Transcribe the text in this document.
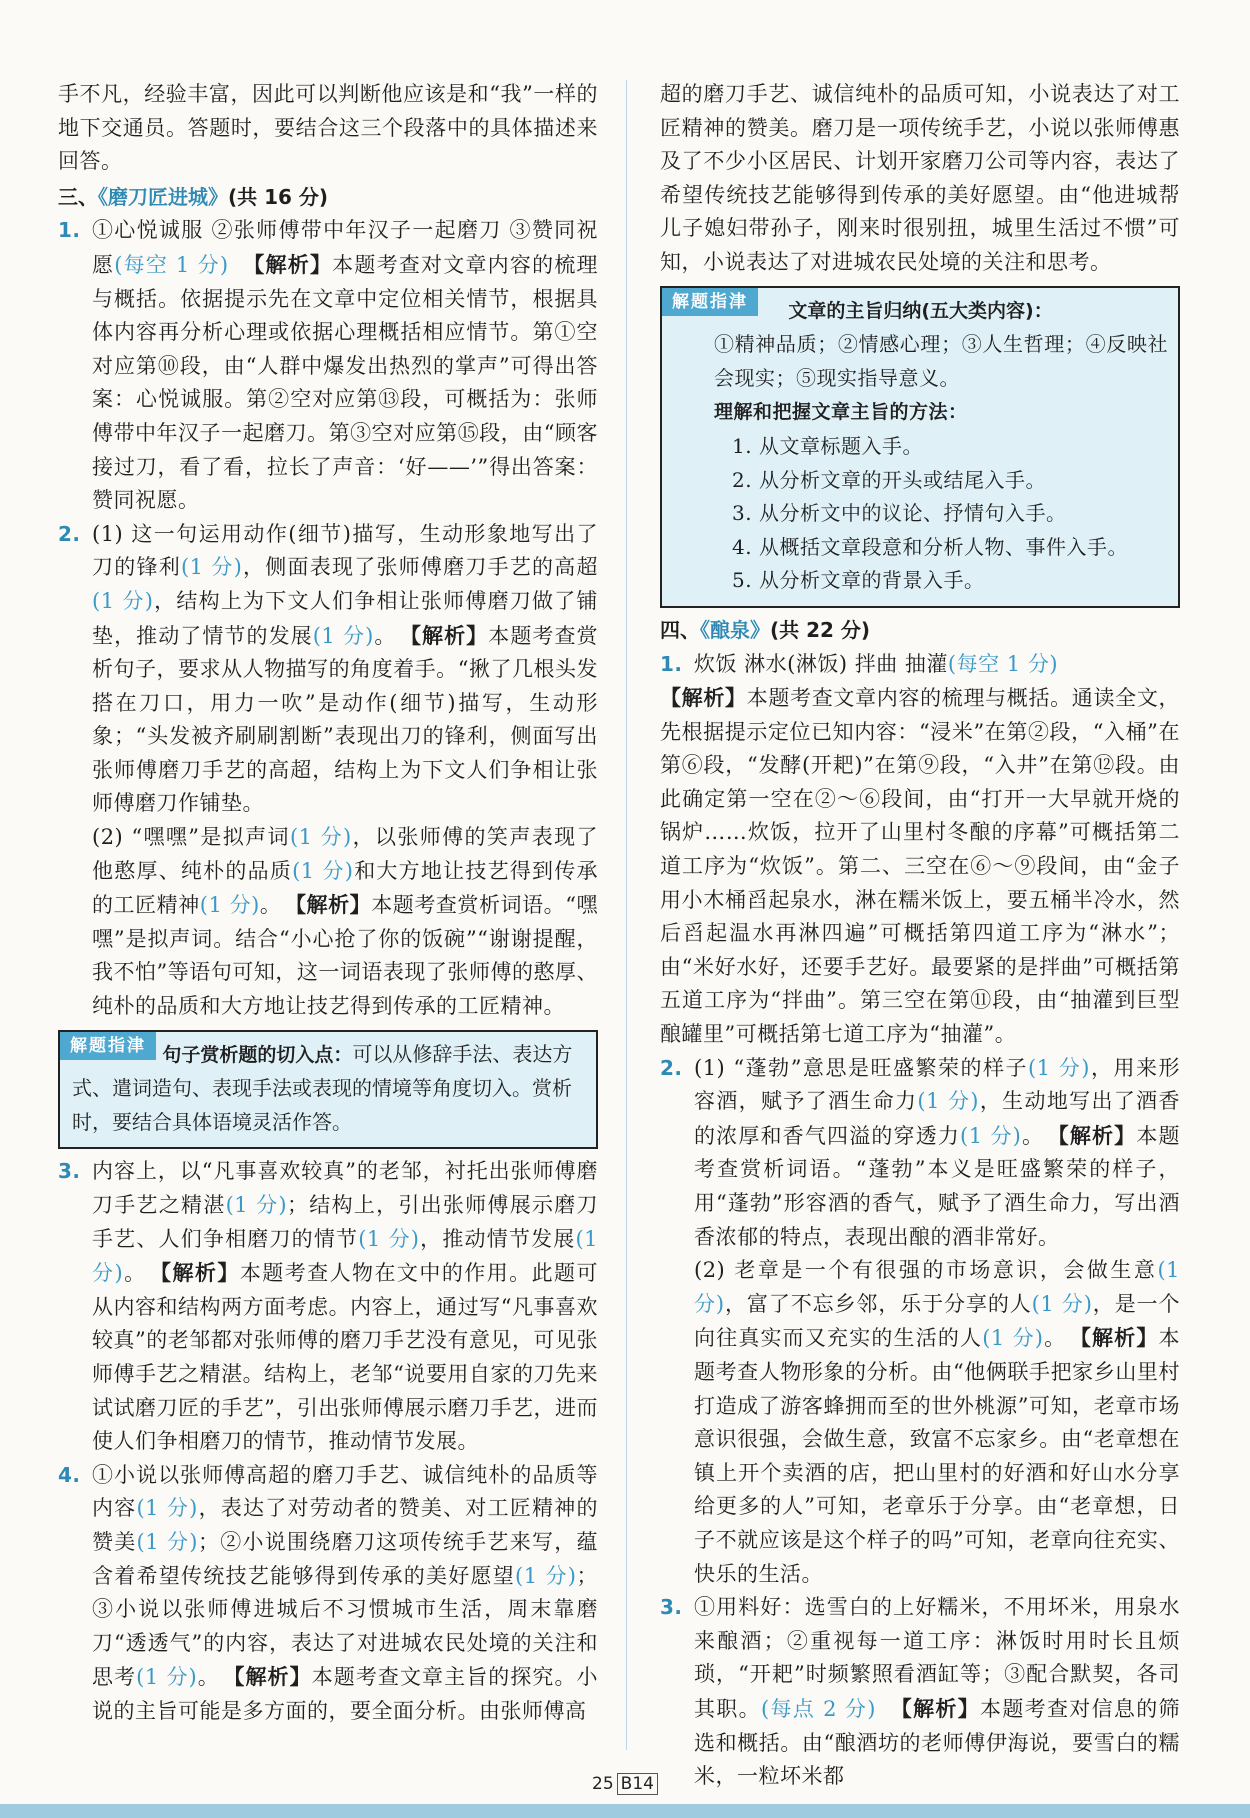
手不凡，经验丰富，因此可以判断他应该是和“我”一样的地下交通员。答题时，要结合这三个段落中的具体描述来回答。

三、《磨刀匠进城》(共 16 分)
1. ①心悦诚服 ②张师傅带中年汉子一起磨刀 ③赞同祝愿(每空 1 分) 【解析】本题考查对文章内容的梳理与概括。依据提示先在文章中定位相关情节，根据具体内容再分析心理或依据心理概括相应情节。第①空对应第⑩段，由“人群中爆发出热烈的掌声”可得出答案：心悦诚服。第②空对应第⑬段，可概括为：张师傅带中年汉子一起磨刀。第③空对应第⑮段，由“顾客接过刀，看了看，拉长了声音：‘好——’”得出答案：赞同祝愿。
2. (1) 这一句运用动作(细节)描写，生动形象地写出了刀的锋利(1 分)，侧面表现了张师傅磨刀手艺的高超(1 分)，结构上为下文人们争相让张师傅磨刀做了铺垫，推动了情节的发展(1 分)。 【解析】本题考查赏析句子，要求从人物描写的角度着手。“揪了几根头发搭在刀口，用力一吹”是动作(细节)描写，生动形象；“头发被齐刷刷割断”表现出刀的锋利，侧面写出张师傅磨刀手艺的高超，结构上为下文人们争相让张师傅磨刀作铺垫。
(2) “嘿嘿”是拟声词(1 分)，以张师傅的笑声表现了他憨厚、纯朴的品质(1 分)和大方地让技艺得到传承的工匠精神(1 分)。 【解析】本题考查赏析词语。“嘿嘿”是拟声词。结合“小心抢了你的饭碗”“谢谢提醒，我不怕”等语句可知，这一词语表现了张师傅的憨厚、纯朴的品质和大方地让技艺得到传承的工匠精神。
解题指津 句子赏析题的切入点：可以从修辞手法、表达方式、遣词造句、表现手法或表现的情境等角度切入。赏析时，要结合具体语境灵活作答。
3. 内容上，以“凡事喜欢较真”的老邹，衬托出张师傅磨刀手艺之精湛(1 分)；结构上，引出张师傅展示磨刀手艺、人们争相磨刀的情节(1 分)，推动情节发展(1 分)。 【解析】本题考查人物在文中的作用。此题可从内容和结构两方面考虑。内容上，通过写“凡事喜欢较真”的老邹都对张师傅的磨刀手艺没有意见，可见张师傅手艺之精湛。结构上，老邹“说要用自家的刀先来试试磨刀匠的手艺”，引出张师傅展示磨刀手艺，进而使人们争相磨刀的情节，推动情节发展。
4. ①小说以张师傅高超的磨刀手艺、诚信纯朴的品质等内容(1 分)，表达了对劳动者的赞美、对工匠精神的赞美(1 分)；②小说围绕磨刀这项传统手艺来写，蕴含着希望传统技艺能够得到传承的美好愿望(1 分)；③小说以张师傅进城后不习惯城市生活，周末靠磨刀“透透气”的内容，表达了对进城农民处境的关注和思考(1 分)。 【解析】本题考查文章主旨的探究。小说的主旨可能是多方面的，要全面分析。由张师傅高

超的磨刀手艺、诚信纯朴的品质可知，小说表达了对工匠精神的赞美。磨刀是一项传统手艺，小说以张师傅惠及了不少小区居民、计划开家磨刀公司等内容，表达了希望传统技艺能够得到传承的美好愿望。由“他进城帮儿子媳妇带孙子，刚来时很别扭，城里生活过不惯”可知，小说表达了对进城农民处境的关注和思考。

解题指津 文章的主旨归纳(五大类内容)：

①精神品质；②情感心理；③人生哲理；④反映社会现实；⑤现实指导意义。

理解和把握文章主旨的方法：

1. 从文章标题入手。

2. 从分析文章的开头或结尾入手。

3. 从分析文中的议论、抒情句入手。

4. 从概括文章段意和分析人物、事件入手。

5. 从分析文章的背景入手。

四、《酿泉》(共 22 分)
1. 炊饭 淋水(淋饭) 拌曲 抽灌(每空 1 分)
【解析】本题考查文章内容的梳理与概括。通读全文，先根据提示定位已知内容：“浸米”在第②段，“入桶”在第⑥段，“发酵(开耙)”在第⑨段，“入井”在第⑫段。由此确定第一空在②～⑥段间，由“打开一大早就开烧的锅炉……炊饭，拉开了山里村冬酿的序幕”可概括第二道工序为“炊饭”。第二、三空在⑥～⑨段间，由“金子用小木桶舀起泉水，淋在糯米饭上，要五桶半冷水，然后舀起温水再淋四遍”可概括第四道工序为“淋水”；由“米好水好，还要手艺好。最要紧的是拌曲”可概括第五道工序为“拌曲”。第三空在第⑪段，由“抽灌到巨型酿罐里”可概括第七道工序为“抽灌”。
2. (1) “蓬勃”意思是旺盛繁荣的样子(1 分)，用来形容酒，赋予了酒生命力(1 分)，生动地写出了酒香的浓厚和香气四溢的穿透力(1 分)。 【解析】本题考查赏析词语。“蓬勃”本义是旺盛繁荣的样子，用“蓬勃”形容酒的香气，赋予了酒生命力，写出酒香浓郁的特点，表现出酿的酒非常好。
(2) 老章是一个有很强的市场意识，会做生意(1 分)，富了不忘乡邻，乐于分享的人(1 分)，是一个向往真实而又充实的生活的人(1 分)。 【解析】本题考查人物形象的分析。由“他俩联手把家乡山里村打造成了游客蜂拥而至的世外桃源”可知，老章市场意识很强，会做生意，致富不忘家乡。由“老章想在镇上开个卖酒的店，把山里村的好酒和好山水分享给更多的人”可知，老章乐于分享。由“老章想，日子不就应该是这个样子的吗”可知，老章向往充实、快乐的生活。
3. ①用料好：选雪白的上好糯米，不用坏米，用泉水来酿酒；②重视每一道工序：淋饭时用时长且烦琐，“开耙”时频繁照看酒缸等；③配合默契，各司其职。(每点 2 分) 【解析】本题考查对信息的筛选和概括。由“酿酒坊的老师傅伊海说，要雪白的糯米，一粒坏米都
25 B14
